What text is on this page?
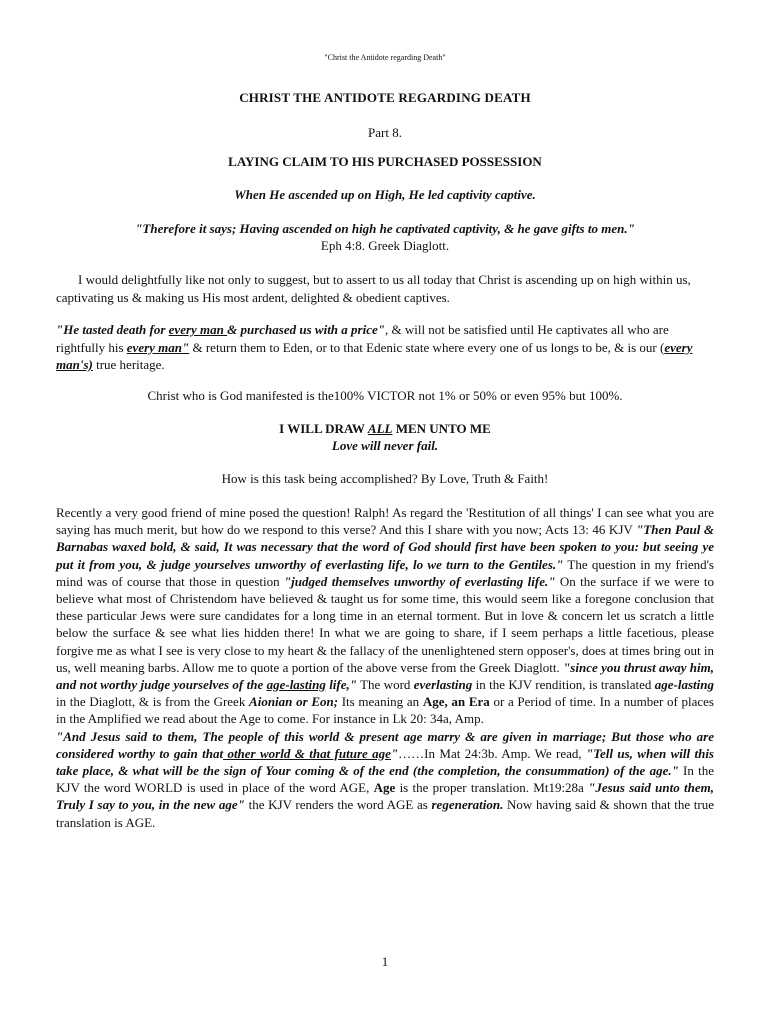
"Christ the Antidote regarding Death"
CHRIST THE ANTIDOTE REGARDING DEATH
Part 8.
LAYING CLAIM TO HIS PURCHASED POSSESSION
When He ascended up on High, He led captivity captive.
"Therefore it says; Having ascended on high he captivated captivity, & he gave gifts to men."
Eph 4:8. Greek Diaglott.
I would delightfully like not only to suggest, but to assert to us all today that Christ is ascending up on high within us, captivating us & making us His most ardent, delighted & obedient captives.
"He tasted death for every man & purchased us with a price", & will not be satisfied until He captivates all who are rightfully his every man" & return them to Eden, or to that Edenic state where every one of us longs to be, & is our (every man's) true heritage.
Christ who is God manifested is the100% VICTOR not 1% or 50% or even 95% but 100%.
I WILL DRAW ALL MEN UNTO ME
Love will never fail.
How is this task being accomplished? By Love, Truth & Faith!
Recently a very good friend of mine posed the question! Ralph! As regard the 'Restitution of all things' I can see what you are saying has much merit, but how do we respond to this verse? And this I share with you now; Acts 13: 46 KJV "Then Paul & Barnabas waxed bold, & said, It was necessary that the word of God should first have been spoken to you: but seeing ye put it from you, & judge yourselves unworthy of everlasting life, lo we turn to the Gentiles." The question in my friend's mind was of course that those in question "judged themselves unworthy of everlasting life." On the surface if we were to believe what most of Christendom have believed & taught us for some time, this would seem like a foregone conclusion that these particular Jews were sure candidates for a long time in an eternal torment. But in love & concern let us scratch a little below the surface & see what lies hidden there! In what we are going to share, if I seem perhaps a little facetious, please forgive me as what I see is very close to my heart & the fallacy of the unenlightened stern opposer's, does at times bring out in us, well meaning barbs. Allow me to quote a portion of the above verse from the Greek Diaglott. "since you thrust away him, and not worthy judge yourselves of the age-lasting life," The word everlasting in the KJV rendition, is translated age-lasting in the Diaglott, & is from the Greek Aionian or Eon; Its meaning an Age, an Era or a Period of time. In a number of places in the Amplified we read about the Age to come. For instance in Lk 20: 34a, Amp.
"And Jesus said to them, The people of this world & present age marry & are given in marriage; But those who are considered worthy to gain that other world & that future age"……In Mat 24:3b. Amp. We read, "Tell us, when will this take place, & what will be the sign of Your coming & of the end (the completion, the consummation) of the age." In the KJV the word WORLD is used in place of the word AGE, Age is the proper translation. Mt19:28a "Jesus said unto them, Truly I say to you, in the new age" the KJV renders the word AGE as regeneration. Now having said & shown that the true translation is AGE.
1
